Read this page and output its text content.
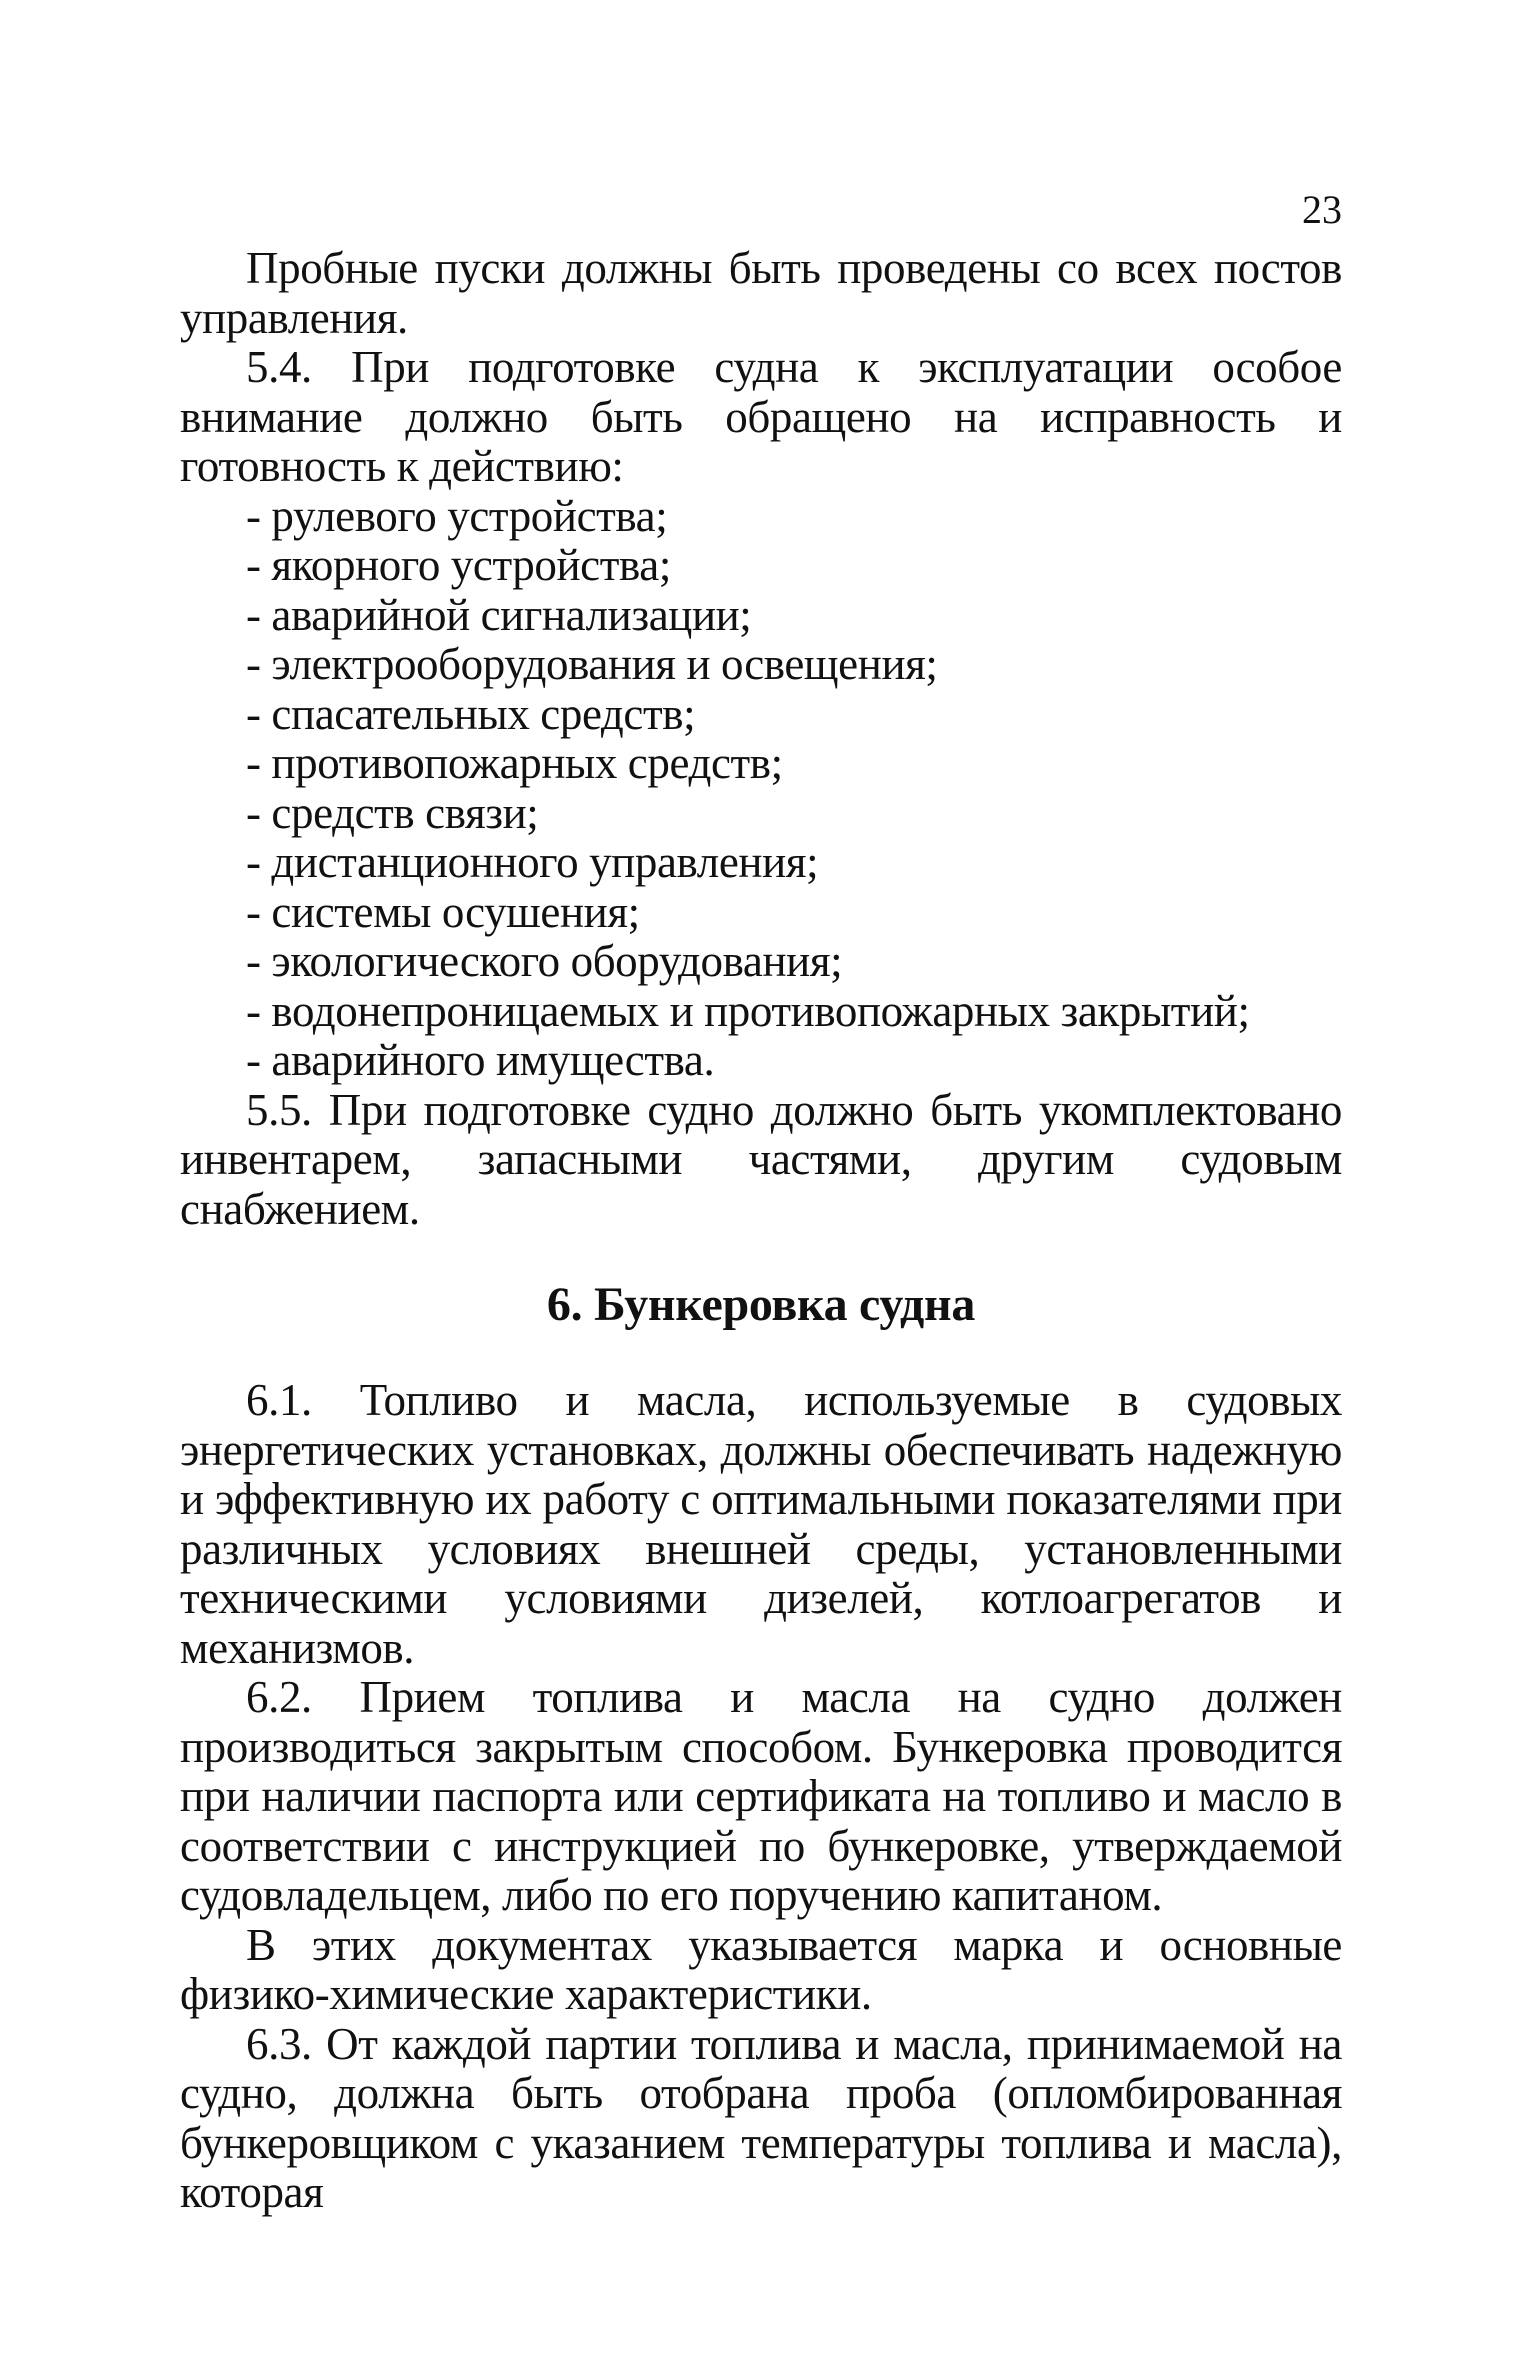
23

Пробные пуски должны быть проведены со всех постов управления.

5.4. При подготовке судна к эксплуатации особое внимание должно быть обращено на исправность и готовность к действию:

- рулевого устройства;
- якорного устройства;
- аварийной сигнализации;
- электрооборудования и освещения;
- спасательных средств;
- противопожарных средств;
- средств связи;
- дистанционного управления;
- системы осушения;
- экологического оборудования;
- водонепроницаемых и противопожарных закрытий;
- аварийного имущества.

5.5. При подготовке судно должно быть укомплектовано инвентарем, запасными частями, другим судовым снабжением.

6. Бункеровка судна

6.1. Топливо и масла, используемые в судовых энергетических установках, должны обеспечивать надежную и эффективную их работу с оптимальными показателями при различных условиях внешней среды, установленными техническими условиями дизелей, котлоагрегатов и механизмов.

6.2. Прием топлива и масла на судно должен производиться закрытым способом. Бункеровка проводится при наличии паспорта или сертификата на топливо и масло в соответствии с инструкцией по бункеровке, утверждаемой судовладельцем, либо по его поручению капитаном.

В этих документах указывается марка и основные физико-химические характеристики.

6.3. От каждой партии топлива и масла, принимаемой на судно, должна быть отобрана проба (опломбированная бункеровщиком с указанием температуры топлива и масла), которая
